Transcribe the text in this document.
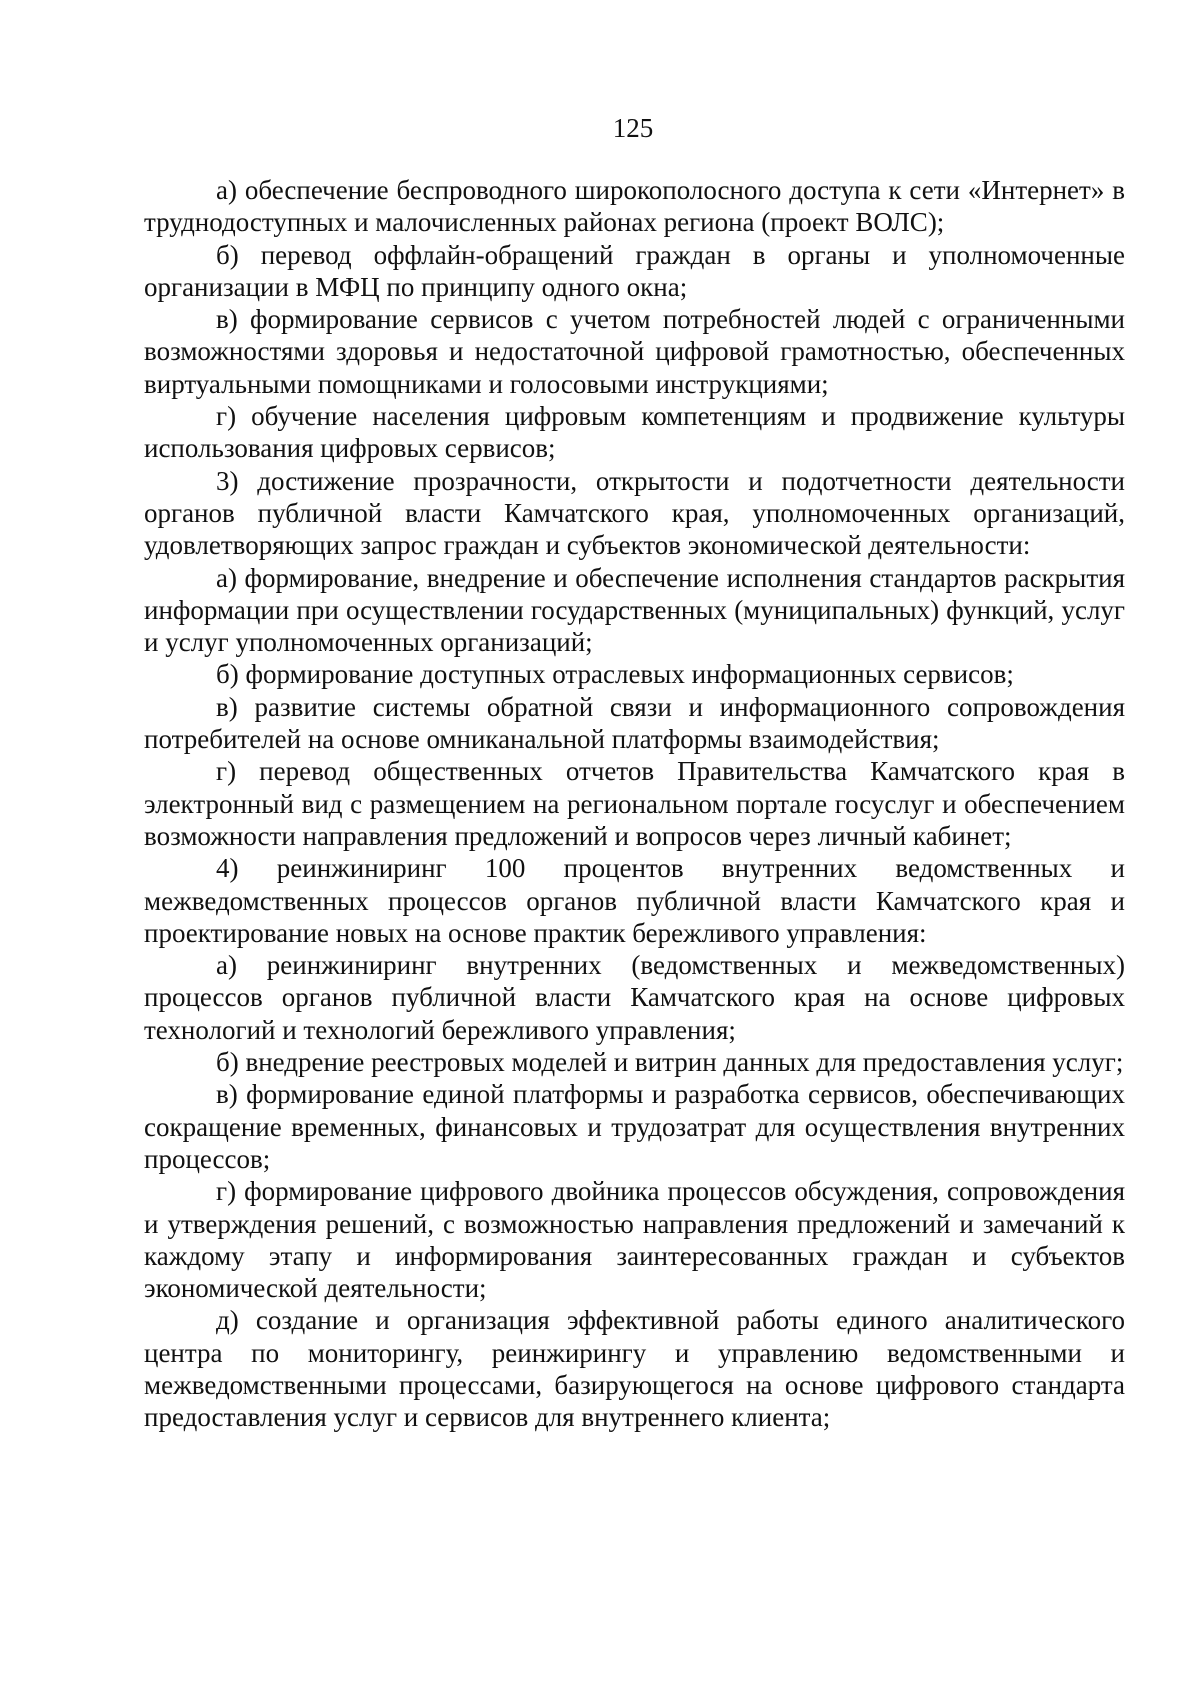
125

а) обеспечение беспроводного широкополосного доступа к сети «Интернет» в труднодоступных и малочисленных районах региона (проект ВОЛС);

б) перевод оффлайн-обращений граждан в органы и уполномоченные организации в МФЦ по принципу одного окна;

в) формирование сервисов с учетом потребностей людей с ограниченными возможностями здоровья и недостаточной цифровой грамотностью, обеспеченных виртуальными помощниками и голосовыми инструкциями;

г) обучение населения цифровым компетенциям и продвижение культуры использования цифровых сервисов;

3) достижение прозрачности, открытости и подотчетности деятельности органов публичной власти Камчатского края, уполномоченных организаций, удовлетворяющих запрос граждан и субъектов экономической деятельности:

а) формирование, внедрение и обеспечение исполнения стандартов раскрытия информации при осуществлении государственных (муниципальных) функций, услуг и услуг уполномоченных организаций;

б) формирование доступных отраслевых информационных сервисов;

в) развитие системы обратной связи и информационного сопровождения потребителей на основе омниканальной платформы взаимодействия;

г) перевод общественных отчетов Правительства Камчатского края в электронный вид с размещением на региональном портале госуслуг и обеспечением возможности направления предложений и вопросов через личный кабинет;

4) реинжиниринг 100 процентов внутренних ведомственных и межведомственных процессов органов публичной власти Камчатского края и проектирование новых на основе практик бережливого управления:

а) реинжиниринг внутренних (ведомственных и межведомственных) процессов органов публичной власти Камчатского края на основе цифровых технологий и технологий бережливого управления;

б) внедрение реестровых моделей и витрин данных для предоставления услуг;

в) формирование единой платформы и разработка сервисов, обеспечивающих сокращение временных, финансовых и трудозатрат для осуществления внутренних процессов;

г) формирование цифрового двойника процессов обсуждения, сопровождения и утверждения решений, с возможностью направления предложений и замечаний к каждому этапу и информирования заинтересованных граждан и субъектов экономической деятельности;

д) создание и организация эффективной работы единого аналитического центра по мониторингу, реинжирингу и управлению ведомственными и межведомственными процессами, базирующегося на основе цифрового стандарта предоставления услуг и сервисов для внутреннего клиента;
